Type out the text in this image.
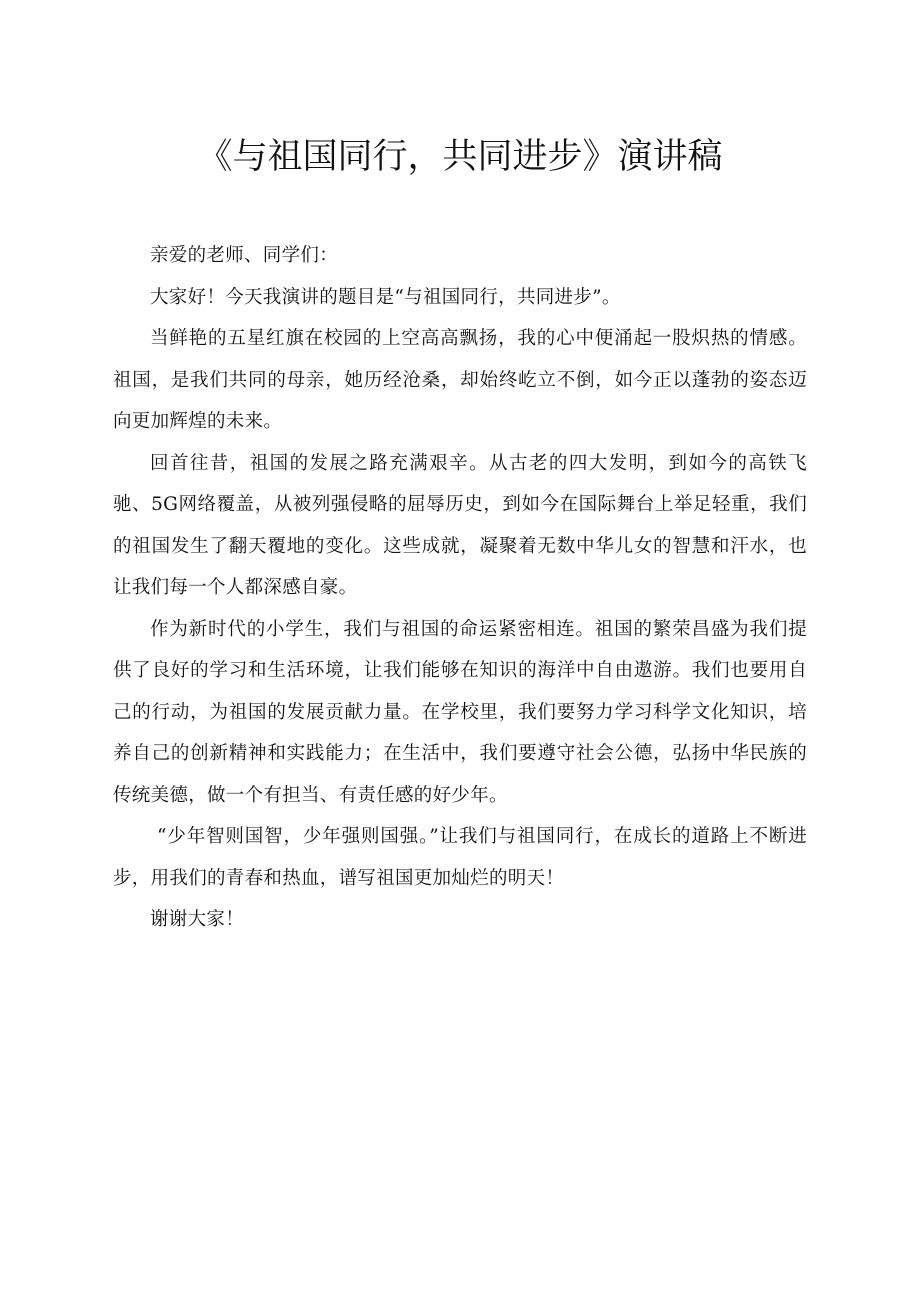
《与祖国同行，共同进步》演讲稿

亲爱的老师、同学们：

大家好！今天我演讲的题目是“与祖国同行，共同进步”。

当鲜艳的五星红旗在校园的上空高高飘扬，我的心中便涌起一股炽热的情感。祖国，是我们共同的母亲，她历经沧桑，却始终屹立不倒，如今正以蓬勃的姿态迈向更加辉煌的未来。

回首往昔，祖国的发展之路充满艰辛。从古老的四大发明，到如今的高铁飞驰、5G网络覆盖，从被列强侵略的屈辱历史，到如今在国际舞台上举足轻重，我们的祖国发生了翻天覆地的变化。这些成就，凝聚着无数中华儿女的智慧和汗水，也让我们每一个人都深感自豪。

作为新时代的小学生，我们与祖国的命运紧密相连。祖国的繁荣昌盛为我们提供了良好的学习和生活环境，让我们能够在知识的海洋中自由遨游。我们也要用自己的行动，为祖国的发展贡献力量。在学校里，我们要努力学习科学文化知识，培养自己的创新精神和实践能力；在生活中，我们要遵守社会公德，弘扬中华民族的传统美德，做一个有担当、有责任感的好少年。

“少年智则国智，少年强则国强。”让我们与祖国同行，在成长的道路上不断进步，用我们的青春和热血，谱写祖国更加灿烂的明天！

谢谢大家！
